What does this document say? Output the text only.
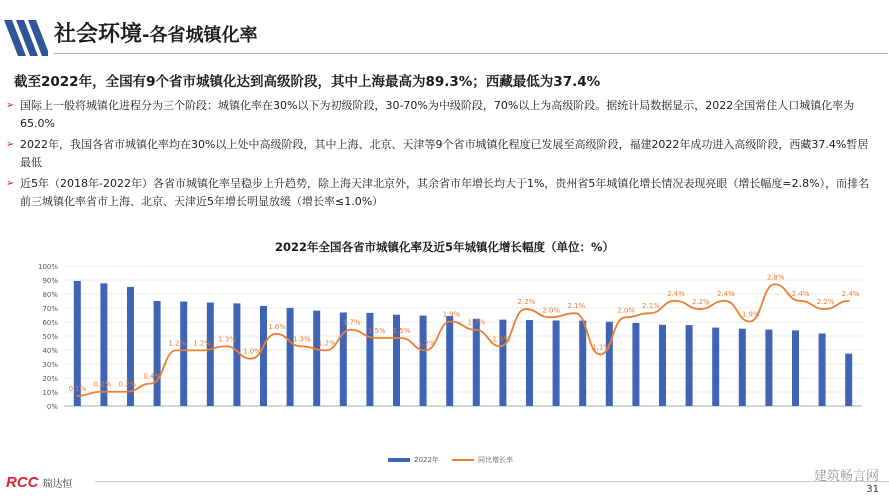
社会环境-各省城镇化率
截至2022年，全国有9个省市城镇化达到高级阶段，其中上海最高为89.3%；西藏最低为37.4%
➢ 国际上一般将城镇化进程分为三个阶段：城镇化率在30%以下为初级阶段，30-70%为中级阶段，70%以上为高级阶段。据统计局数据显示，2022全国常住人口城镇化率为65.0%
➢ 2022年，我国各省市城镇化率均在30%以上处中高级阶段，其中上海、北京、天津等9个省市城镇化程度已发展至高级阶段，福建2022年成功进入高级阶段，西藏37.4%暂居最低
➢ 近5年（2018年-2022年）各省市城镇化率呈稳步上升趋势，除上海天津北京外，其余省市年增长均大于1%，贵州省5年城镇化增长情况表现亮眼（增长幅度=2.8%），而排名前三城镇化率省市上海、北京、天津近5年增长明显放缓（增长率≤1.0%）
2022年全国各省市城镇化率及近5年城镇化增长幅度（单位：%）
0%
10%
20%
30%
40%
50%
60%
70%
80%
90%
100%
0.1%
0.2% 0.2%
0.4%
1.2% 1.2%
1.3%
1.0%
1.6%
1.3%
1.2%
1.7%
1.5% 1.5%
1.2%
1.9%
1.7%
1.3%
2.2%
2.0%
2.1%
1.1%
2.0%
2.1%
2.4%
2.2%
2.4%
1.9%
2.8%
2.4%
2.2%
2.4%
2022年	同比增长率
RCC 瑞达恒	31
建筑畅言网
